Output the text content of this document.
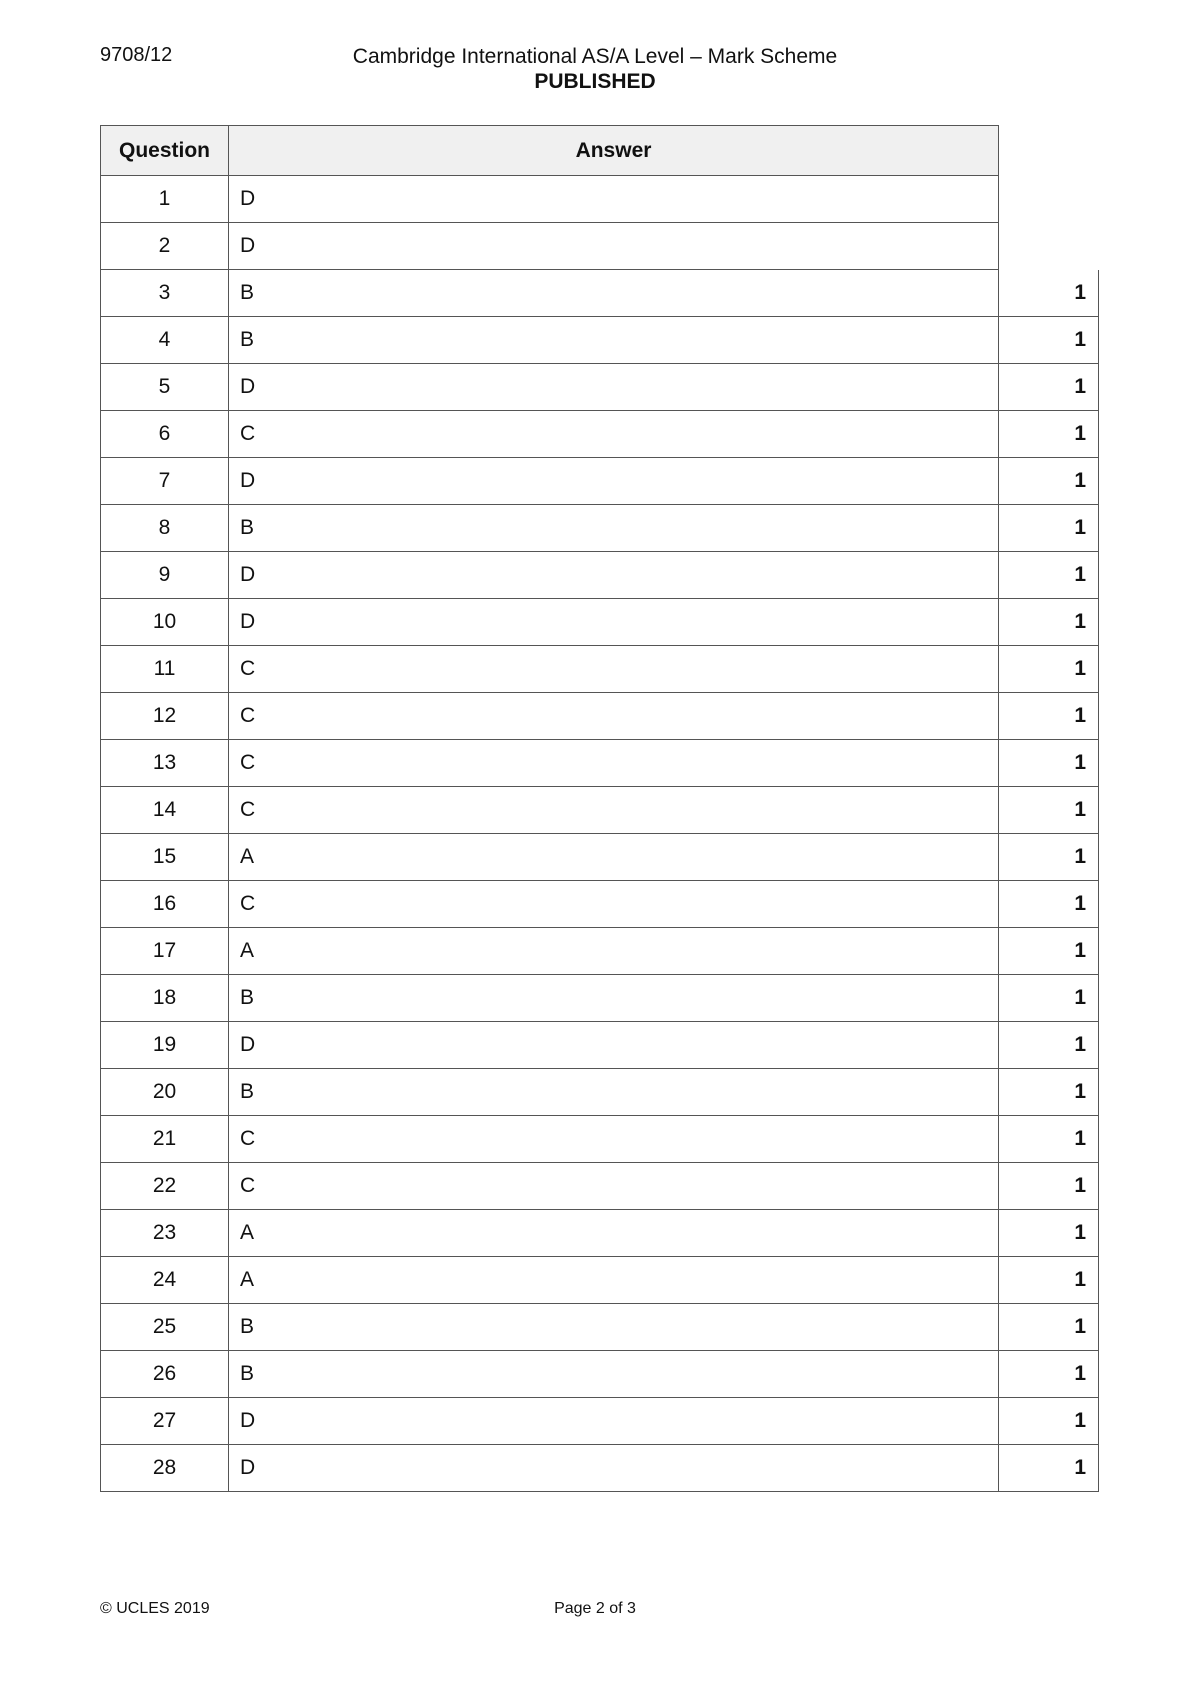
9708/12	Cambridge International AS/A Level – Mark Scheme
PUBLISHED
Question	Answer	
1	D	
2	D	
3	B	1
4	B	1
5	D	1
6	C	1
7	D	1
8	B	1
9	D	1
10	D	1
11	C	1
12	C	1
13	C	1
14	C	1
15	A	1
16	C	1
17	A	1
18	B	1
19	D	1
20	B	1
21	C	1
22	C	1
23	A	1
24	A	1
25	B	1
26	B	1
27	D	1
28	D	1
© UCLES 2019	Page 2 of 3
